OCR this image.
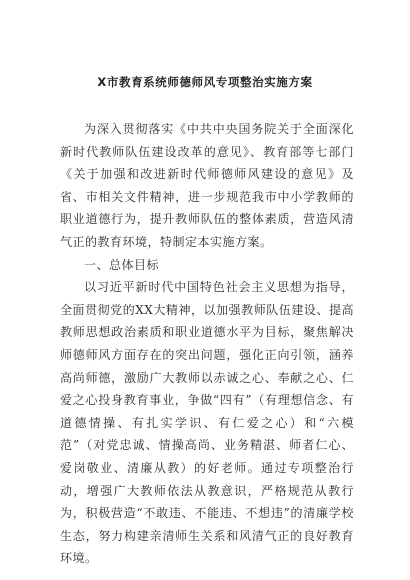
X市教育系统师德师风专项整治实施方案

为深入贯彻落实《中共中央国务院关于全面深化新时代教师队伍建设改革的意见》、教育部等七部门《关于加强和改进新时代师德师风建设的意见》及省、市相关文件精神，进一步规范我市中小学教师的职业道德行为，提升教师队伍的整体素质，营造风清气正的教育环境，特制定本实施方案。

一、总体目标

以习近平新时代中国特色社会主义思想为指导，全面贯彻党的XX大精神，以加强教师队伍建设、提高教师思想政治素质和职业道德水平为目标，聚焦解决师德师风方面存在的突出问题，强化正向引领，涵养高尚师德，激励广大教师以赤诚之心、奉献之心、仁爱之心投身教育事业，争做“四有”（有理想信念、有道德情操、有扎实学识、有仁爱之心）和“六模范”（对党忠诚、情操高尚、业务精湛、师者仁心、爱岗敬业、清廉从教）的好老师。通过专项整治行动，增强广大教师依法从教意识，严格规范从教行为，积极营造“不敢违、不能违、不想违”的清廉学校生态，努力构建亲清师生关系和风清气正的良好教育环境。
